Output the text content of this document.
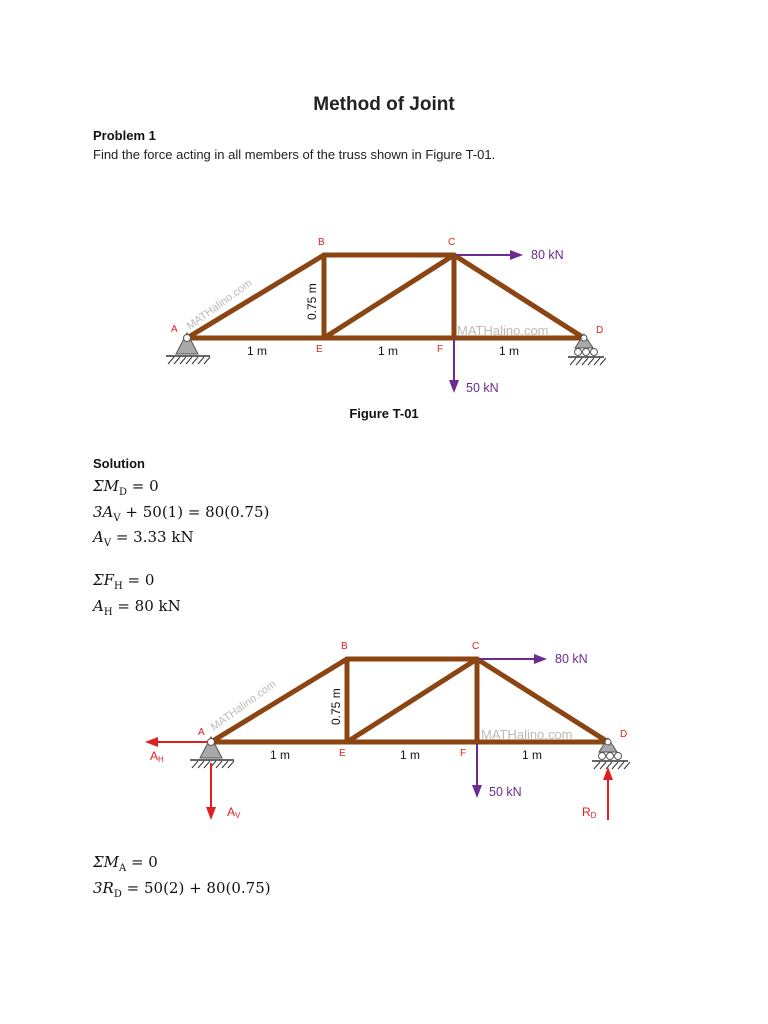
Method of Joint
Problem 1
Find the force acting in all members of the truss shown in Figure T-01.
MATHalino.com	MATHalino.com
80 kN
50 kN
A
B	C
D
E	F
0.75 m
1 m	1 m	1 m
Figure T-01
Solution
$\Sigma M_D = 0$
$3A_V + 50(1) = 80(0.75)$
$A_V = 3.33$ kN
$\Sigma F_H = 0$
$A_H = 80$ kN
MATHalino.com
MATHalino.com
80 kN
50 kN
AH
AV	RD
A
B	C
D
E	F
0.75 m
1 m	1 m	1 m
$\Sigma M_A = 0$
$3R_D = 50(2) + 80(0.75)$
